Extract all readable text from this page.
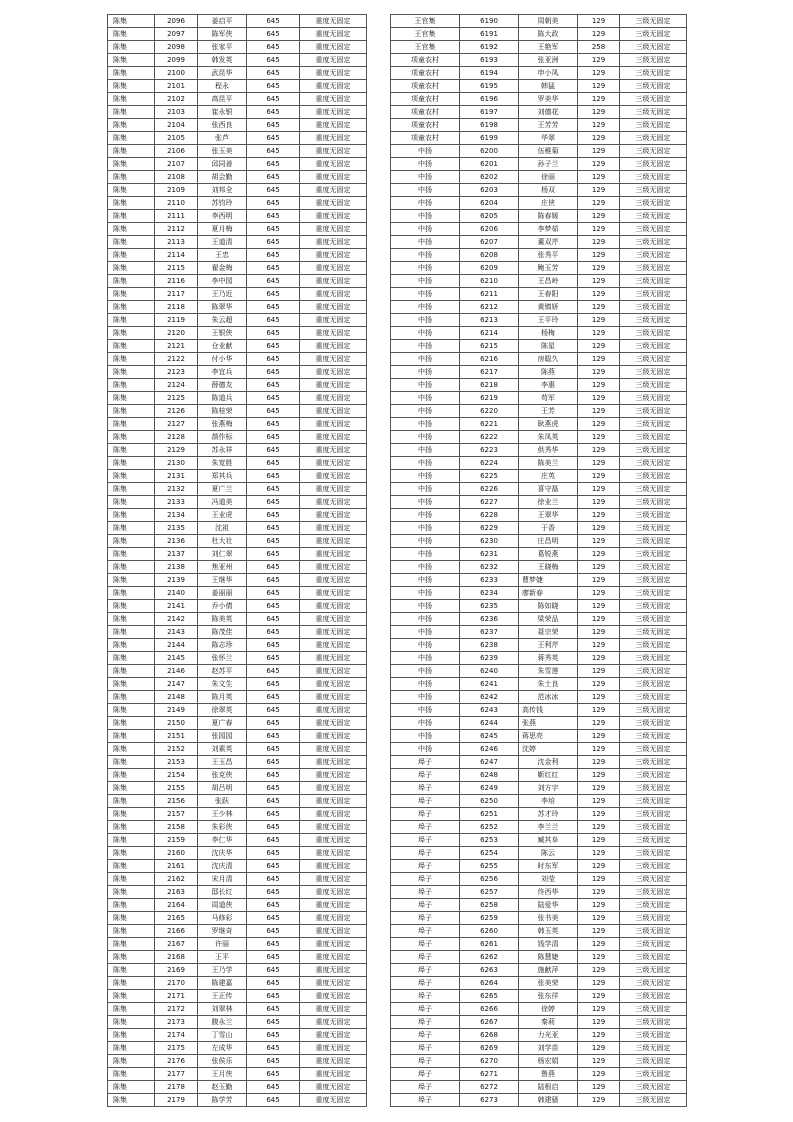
陈集	2096	姜启平	645	重度无固定
陈集	2097	陈军侠	645	重度无固定
陈集	2098	张家平	645	重度无固定
陈集	2099	韩发英	645	重度无固定
陈集	2100	武昆华	645	重度无固定
陈集	2101	程永	645	重度无固定
陈集	2102	高昆平	645	重度无固定
陈集	2103	崔永银	645	重度无固定
陈集	2104	张西良	645	重度无固定
陈集	2105	张芦	645	重度无固定
陈集	2106	张玉美	645	重度无固定
陈集	2107	邱同善	645	重度无固定
陈集	2108	胡会勤	645	重度无固定
陈集	2109	刘邦全	645	重度无固定
陈集	2110	苏钧玲	645	重度无固定
陈集	2111	李西明	645	重度无固定
陈集	2112	夏月梅	645	重度无固定
陈集	2113	王道清	645	重度无固定
陈集	2114	王忠	645	重度无固定
陈集	2115	翟金梅	645	重度无固定
陈集	2116	李中园	645	重度无固定
陈集	2117	王乃近	645	重度无固定
陈集	2118	陈翠华	645	重度无固定
陈集	2119	朱云超	645	重度无固定
陈集	2120	王银侠	645	重度无固定
陈集	2121	仓业献	645	重度无固定
陈集	2122	付小华	645	重度无固定
陈集	2123	李宜兵	645	重度无固定
陈集	2124	薛德友	645	重度无固定
陈集	2125	陈道兵	645	重度无固定
陈集	2126	陈桂荣	645	重度无固定
陈集	2127	张燕梅	645	重度无固定
陈集	2128	颉作标	645	重度无固定
陈集	2129	苏永祥	645	重度无固定
陈集	2130	朱宽胜	645	重度无固定
陈集	2131	郑其兵	645	重度无固定
陈集	2132	夏广兰	645	重度无固定
陈集	2133	冯道美	645	重度无固定
陈集	2134	王业虎	645	重度无固定
陈集	2135	沈祖	645	重度无固定
陈集	2136	杜大社	645	重度无固定
陈集	2137	刘仁翠	645	重度无固定
陈集	2138	焦亚州	645	重度无固定
陈集	2139	王继华	645	重度无固定
陈集	2140	姜丽丽	645	重度无固定
陈集	2141	乔小倩	645	重度无固定
陈集	2142	陈美英	645	重度无固定
陈集	2143	陈茂佳	645	重度无固定
陈集	2144	陈志珍	645	重度无固定
陈集	2145	张怀兰	645	重度无固定
陈集	2146	赵苏平	645	重度无固定
陈集	2147	朱文生	645	重度无固定
陈集	2148	陈月英	645	重度无固定
陈集	2149	徐翠英	645	重度无固定
陈集	2150	夏广春	645	重度无固定
陈集	2151	张园园	645	重度无固定
陈集	2152	刘素英	645	重度无固定
陈集	2153	王玉昌	645	重度无固定
陈集	2154	张克侠	645	重度无固定
陈集	2155	胡吕明	645	重度无固定
陈集	2156	张跃	645	重度无固定
陈集	2157	王少林	645	重度无固定
陈集	2158	朱彩侠	645	重度无固定
陈集	2159	李仁华	645	重度无固定
陈集	2160	沈庆华	645	重度无固定
陈集	2161	沈庆清	645	重度无固定
陈集	2162	宋月清	645	重度无固定
陈集	2163	邸长红	645	重度无固定
陈集	2164	周道侠	645	重度无固定
陈集	2165	马修彩	645	重度无固定
陈集	2166	罗继奇	645	重度无固定
陈集	2167	许丽	645	重度无固定
陈集	2168	王平	645	重度无固定
陈集	2169	王乃学	645	重度无固定
陈集	2170	陈建嘉	645	重度无固定
陈集	2171	王正传	645	重度无固定
陈集	2172	刘翠林	645	重度无固定
陈集	2173	腹永兰	645	重度无固定
陈集	2174	丁雪山	645	重度无固定
陈集	2175	左成华	645	重度无固定
陈集	2176	张侯乐	645	重度无固定
陈集	2177	王月侠	645	重度无固定
陈集	2178	赵玉勤	645	重度无固定
陈集	2179	陈学芳	645	重度无固定
王官集	6190	周朝美	129	三级无固定
王官集	6191	陈大政	129	三级无固定
王官集	6192	王艳军	258	三级无固定
项童农村	6193	张亚洲	129	三级无固定
项童农村	6194	申小凤	129	三级无固定
项童农村	6195	韩猛	129	三级无固定
项童农村	6196	罗美华	129	三级无固定
项童农村	6197	刘德花	129	三级无固定
项童农村	6198	王芳芳	129	三级无固定
项童农村	6199	华翠	129	三级无固定
中扬	6200	伍稚菊	129	三级无固定
中扬	6201	孙子兰	129	三级无固定
中扬	6202	徐丽	129	三级无固定
中扬	6203	杨双	129	三级无固定
中扬	6204	庄侠	129	三级无固定
中扬	6205	陈春媛	129	三级无固定
中扬	6206	李梦茹	129	三级无固定
中扬	6207	董双芹	129	三级无固定
中扬	6208	张秀平	129	三级无固定
中扬	6209	鲍玉芳	129	三级无固定
中扬	6210	王昌岭	129	三级无固定
中扬	6211	王春阳	129	三级无固定
中扬	6212	黄镇妍	129	三级无固定
中扬	6213	王平玲	129	三级无固定
中扬	6214	杨梅	129	三级无固定
中扬	6215	陈星	129	三级无固定
中扬	6216	房聪久	129	三级无固定
中扬	6217	陈燕	129	三级无固定
中扬	6218	李惠	129	三级无固定
中扬	6219	苟军	129	三级无固定
中扬	6220	王芳	129	三级无固定
中扬	6221	耿燕虎	129	三级无固定
中扬	6222	朱凤英	129	三级无固定
中扬	6223	供秀华	129	三级无固定
中扬	6224	陈美兰	129	三级无固定
中扬	6225	庄英	129	三级无固定
中扬	6226	喜守磊	129	三级无固定
中扬	6227	徐业兰	129	三级无固定
中扬	6228	王翠华	129	三级无固定
中扬	6229	于香	129	三级无固定
中扬	6230	庄昌明	129	三级无固定
中扬	6231	葛锐燕	129	三级无固定
中扬	6232	王晓梅	129	三级无固定
中扬	6233	曹梦婕	129	三级无固定
中扬	6234	廖新春	129	三级无固定
中扬	6235	陈如晓	129	三级无固定
中扬	6236	梁荣品	129	三级无固定
中扬	6237	聂宗荣	129	三级无固定
中扬	6238	王利芹	129	三级无固定
中扬	6239	蒋秀英	129	三级无固定
中扬	6240	朱雪莲	129	三级无固定
中扬	6241	朱士良	129	三级无固定
中扬	6242	范冰冰	129	三级无固定
中扬	6243	高传钱	129	三级无固定
中扬	6244	张燕	129	三级无固定
中扬	6245	蒋思亮	129	三级无固定
中扬	6246	沈婷	129	三级无固定
埠子	6247	沈金利	129	三级无固定
埠子	6248	靳红红	129	三级无固定
埠子	6249	刘方宇	129	三级无固定
埠子	6250	李培	129	三级无固定
埠子	6251	苏才玲	129	三级无固定
埠子	6252	李兰兰	129	三级无固定
埠子	6253	臧其阜	129	三级无固定
埠子	6254	陈云	129	三级无固定
埠子	6255	时东军	129	三级无固定
埠子	6256	刘莹	129	三级无固定
埠子	6257	佟西华	129	三级无固定
埠子	6258	陆爱华	129	三级无固定
埠子	6259	张书美	129	三级无固定
埠子	6260	韩玉英	129	三级无固定
埠子	6261	钱学清	129	三级无固定
埠子	6262	陈慧婕	129	三级无固定
埠子	6263	施献萍	129	三级无固定
埠子	6264	张美荣	129	三级无固定
埠子	6265	张东徉	129	三级无固定
埠子	6266	徐婷	129	三级无固定
埠子	6267	秦莉	129	三级无固定
埠子	6268	力光亚	129	三级无固定
埠子	6269	刘学苗	129	三级无固定
埠子	6270	杨宏娟	129	三级无固定
埠子	6271	鲁燕	129	三级无固定
埠子	6272	陆根启	129	三级无固定
埠子	6273	韩建骚	129	三级无固定
